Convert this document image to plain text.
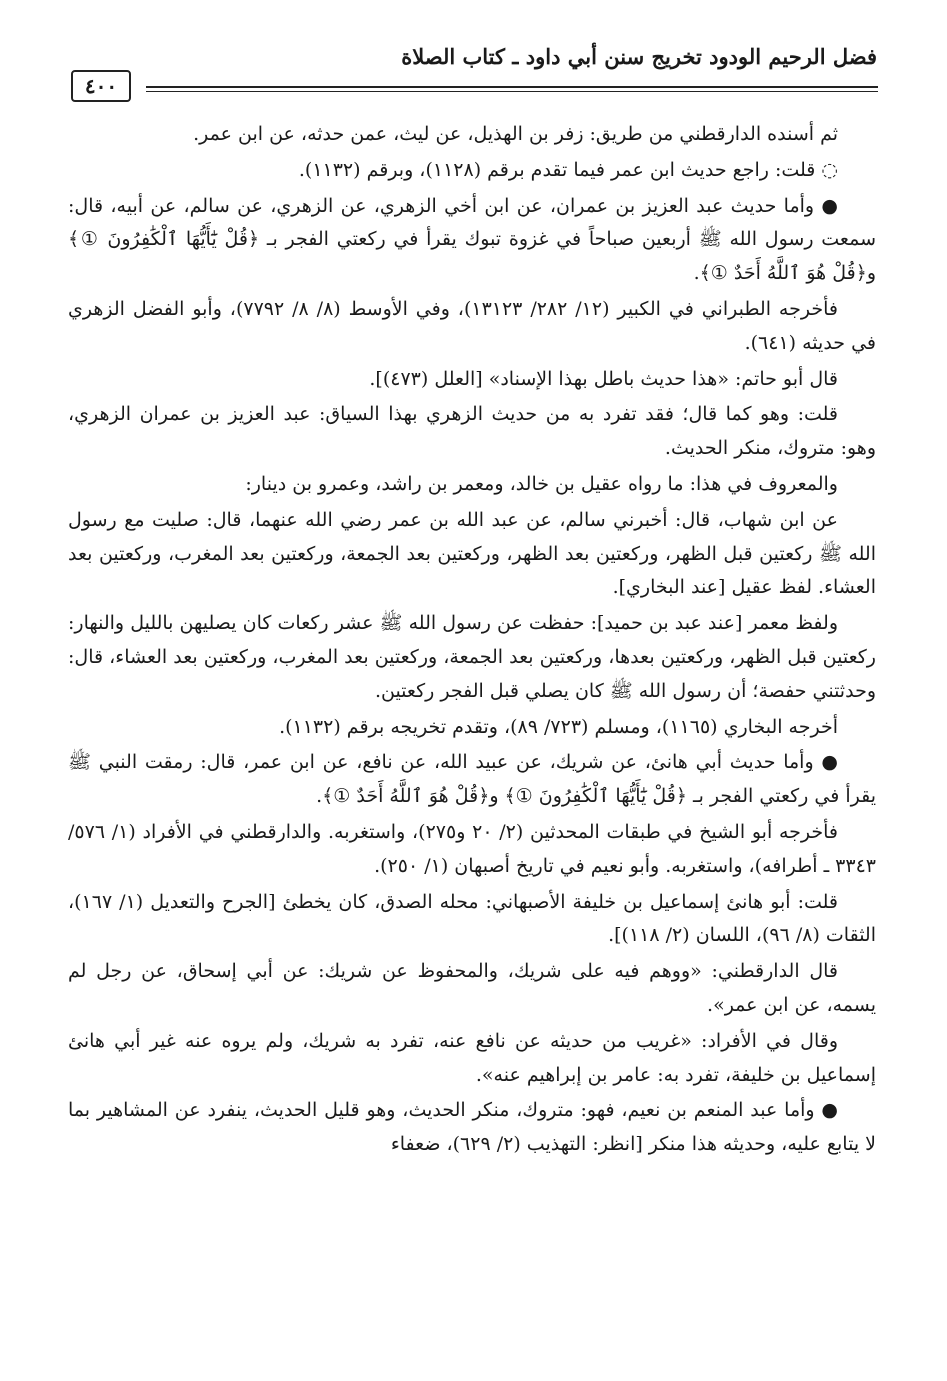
فضل الرحيم الودود تخريج سنن أبي داود ـ كتاب الصلاة
٤٠٠

ثم أسنده الدارقطني من طريق: زفر بن الهذيل، عن ليث، عمن حدثه، عن ابن عمر.

◌ قلت: راجع حديث ابن عمر فيما تقدم برقم (١١٢٨)، وبرقم (١١٣٢).

● وأما حديث عبد العزيز بن عمران، عن ابن أخي الزهري، عن الزهري، عن سالم، عن أبيه، قال: سمعت رسول الله ﷺ أربعين صباحاً في غزوة تبوك يقرأ في ركعتي الفجر بـ ﴿قُلْ يَٰٓأَيُّهَا ٱلْكَٰفِرُونَ ①﴾ و﴿قُلْ هُوَ ٱللَّهُ أَحَدٌ ①﴾.

فأخرجه الطبراني في الكبير (١٢/ ٢٨٢/ ١٣١٢٣)، وفي الأوسط (٨/ ٨/ ٧٧٩٢)، وأبو الفضل الزهري في حديثه (٦٤١).

قال أبو حاتم: «هذا حديث باطل بهذا الإسناد» [العلل (٤٧٣)].

قلت: وهو كما قال؛ فقد تفرد به من حديث الزهري بهذا السياق: عبد العزيز بن عمران الزهري، وهو: متروك، منكر الحديث.

والمعروف في هذا: ما رواه عقيل بن خالد، ومعمر بن راشد، وعمرو بن دينار:

عن ابن شهاب، قال: أخبرني سالم، عن عبد الله بن عمر رضي الله عنهما، قال: صليت مع رسول الله ﷺ ركعتين قبل الظهر، وركعتين بعد الظهر، وركعتين بعد الجمعة، وركعتين بعد المغرب، وركعتين بعد العشاء. لفظ عقيل [عند البخاري].

ولفظ معمر [عند عبد بن حميد]: حفظت عن رسول الله ﷺ عشر ركعات كان يصليهن بالليل والنهار: ركعتين قبل الظهر، وركعتين بعدها، وركعتين بعد الجمعة، وركعتين بعد المغرب، وركعتين بعد العشاء، قال: وحدثتني حفصة؛ أن رسول الله ﷺ كان يصلي قبل الفجر ركعتين.

أخرجه البخاري (١١٦٥)، ومسلم (٧٢٣/ ٨٩)، وتقدم تخريجه برقم (١١٣٢).

● وأما حديث أبي هانئ، عن شريك، عن عبيد الله، عن نافع، عن ابن عمر، قال: رمقت النبي ﷺ يقرأ في ركعتي الفجر بـ ﴿قُلْ يَٰٓأَيُّهَا ٱلْكَٰفِرُونَ ①﴾ و﴿قُلْ هُوَ ٱللَّهُ أَحَدٌ ①﴾.

فأخرجه أبو الشيخ في طبقات المحدثين (٢/ ٢٠ و٢٧٥)، واستغربه. والدارقطني في الأفراد (١/ ٥٧٦/ ٣٣٤٣ ـ أطرافه)، واستغربه. وأبو نعيم في تاريخ أصبهان (١/ ٢٥٠).

قلت: أبو هانئ إسماعيل بن خليفة الأصبهاني: محله الصدق، كان يخطئ [الجرح والتعديل (١/ ١٦٧)، الثقات (٨/ ٩٦)، اللسان (٢/ ١١٨)].

قال الدارقطني: «ووهم فيه على شريك، والمحفوظ عن شريك: عن أبي إسحاق، عن رجل لم يسمه، عن ابن عمر».

وقال في الأفراد: «غريب من حديثه عن نافع عنه، تفرد به شريك، ولم يروه عنه غير أبي هانئ إسماعيل بن خليفة، تفرد به: عامر بن إبراهيم عنه».

● وأما عبد المنعم بن نعيم، فهو: متروك، منكر الحديث، وهو قليل الحديث، ينفرد عن المشاهير بما لا يتابع عليه، وحديثه هذا منكر [انظر: التهذيب (٢/ ٦٢٩)، ضعفاء
